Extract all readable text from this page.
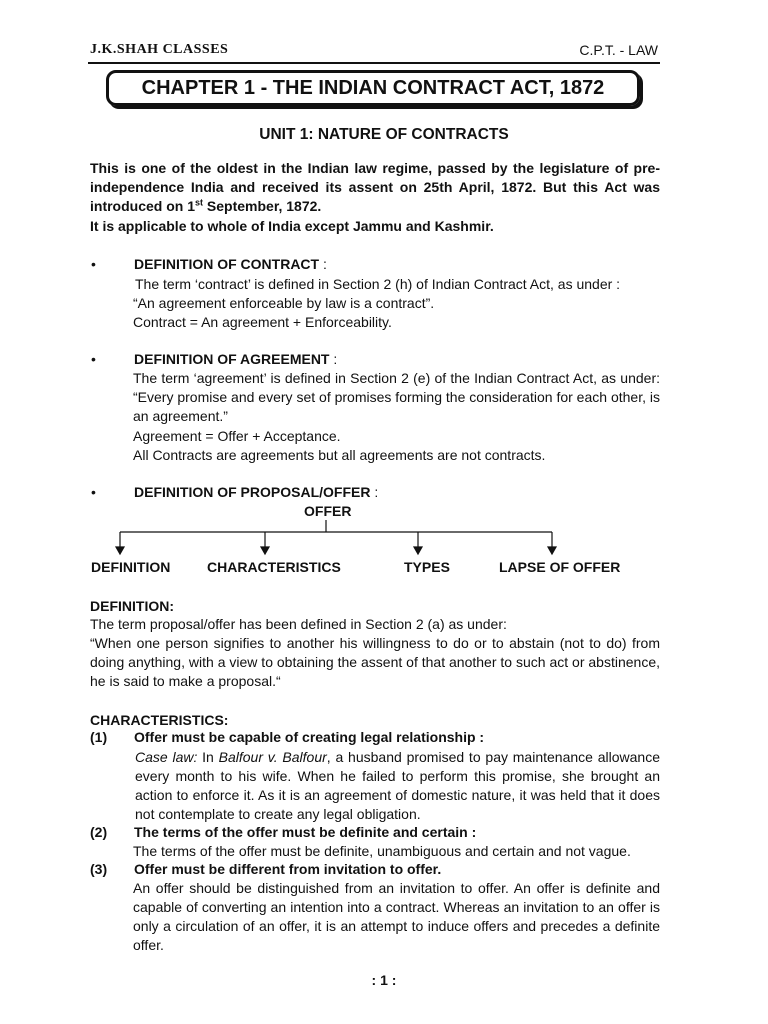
J.K.SHAH CLASSES	C.P.T. - LAW
CHAPTER 1 - THE INDIAN CONTRACT ACT, 1872
UNIT 1: NATURE OF CONTRACTS
This is one of the oldest in the Indian law regime, passed by the legislature of pre-independence India and received its assent on 25th April, 1872. But this Act was introduced on 1st September, 1872.
It is applicable to whole of India except Jammu and Kashmir.
•	DEFINITION OF CONTRACT :
The term ‘contract’ is defined in Section 2 (h) of Indian Contract Act, as under :
“An agreement enforceable by law is a contract”.
Contract = An agreement + Enforceability.
•	DEFINITION OF AGREEMENT :
The term ‘agreement’ is defined in Section 2 (e) of the Indian Contract Act, as under: “Every promise and every set of promises forming the consideration for each other, is an agreement.”
Agreement = Offer + Acceptance.
All Contracts are agreements but all agreements are not contracts.
•	DEFINITION OF PROPOSAL/OFFER :
OFFER
DEFINITION	CHARACTERISTICS	TYPES	LAPSE OF OFFER
DEFINITION:
The term proposal/offer has been defined in Section 2 (a) as under:
“When one person signifies to another his willingness to do or to abstain (not to do) from doing anything, with a view to obtaining the assent of that another to such act or abstinence, he is said to make a proposal.“
CHARACTERISTICS:
(1) Offer must be capable of creating legal relationship :
Case law: In Balfour v. Balfour, a husband promised to pay maintenance allowance every month to his wife. When he failed to perform this promise, she brought an action to enforce it. As it is an agreement of domestic nature, it was held that it does not contemplate to create any legal obligation.
(2) The terms of the offer must be definite and certain :
The terms of the offer must be definite, unambiguous and certain and not vague.
(3) Offer must be different from invitation to offer.
An offer should be distinguished from an invitation to offer. An offer is definite and capable of converting an intention into a contract. Whereas an invitation to an offer is only a circulation of an offer, it is an attempt to induce offers and precedes a definite offer.
: 1 :
